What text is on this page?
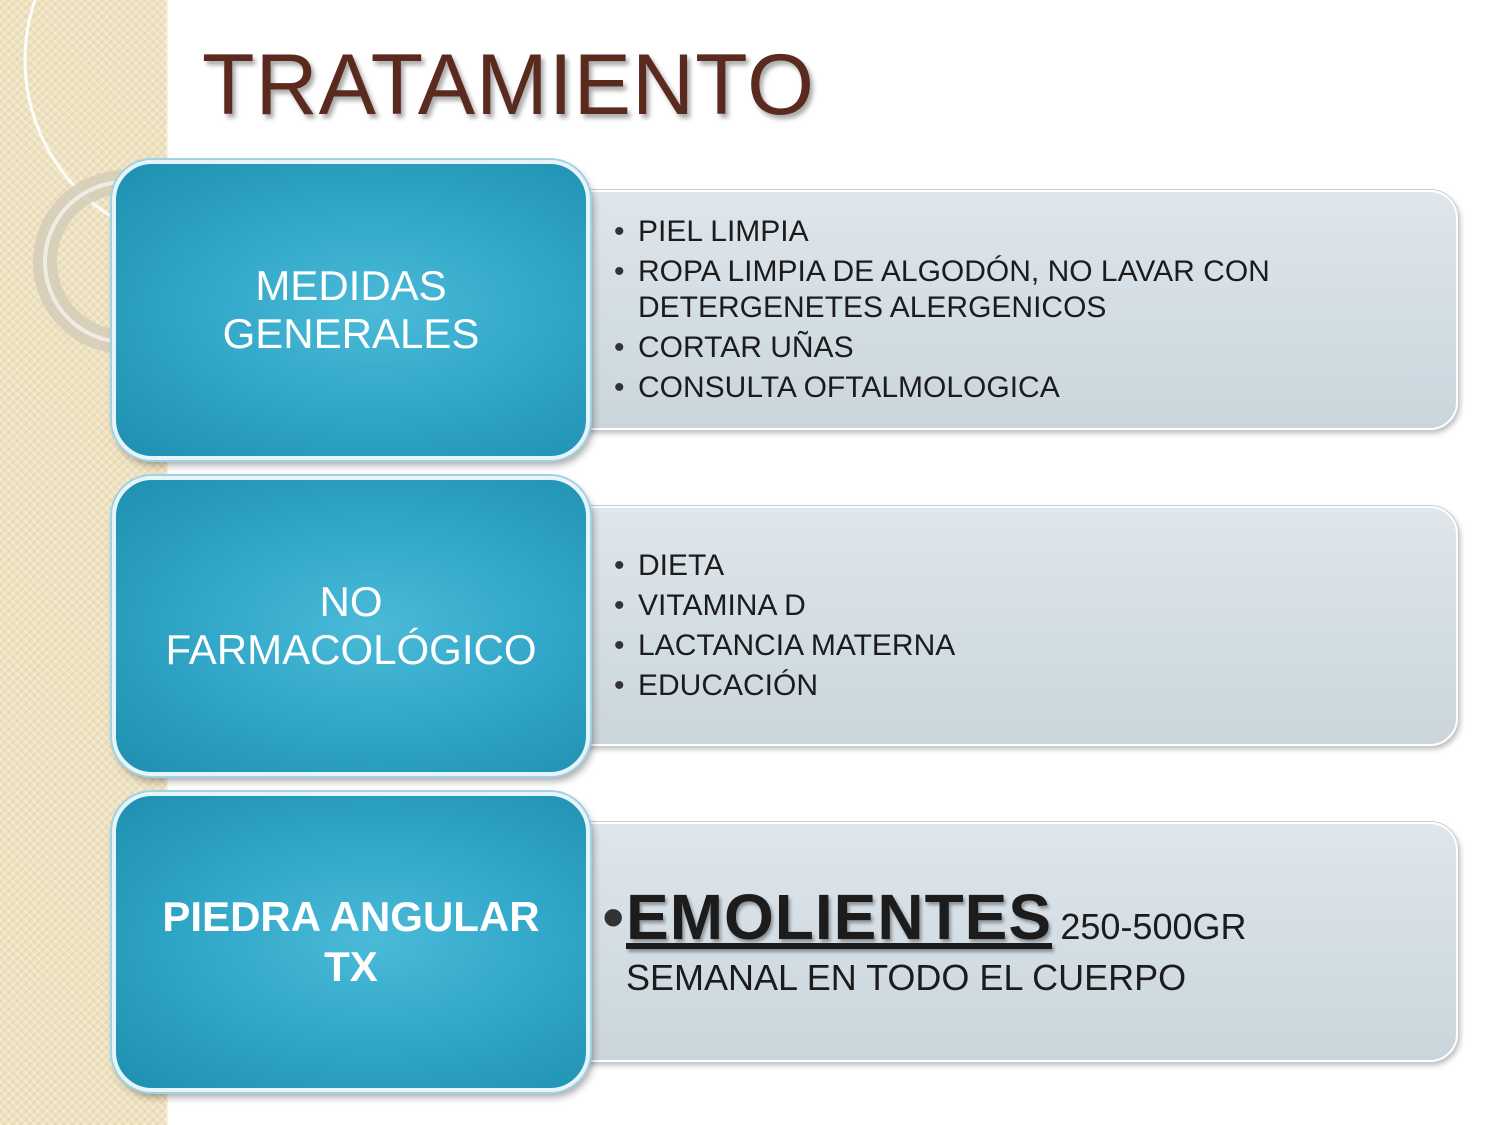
TRATAMIENTO
• PIEL LIMPIA
• ROPA LIMPIA DE ALGODÓN, NO LAVAR CON DETERGENETES ALERGENICOS
• CORTAR UÑAS
• CONSULTA OFTALMOLOGICA
MEDIDAS GENERALES
• DIETA
• VITAMINA D
• LACTANCIA MATERNA
• EDUCACIÓN
NO FARMACOLÓGICO
• EMOLIENTES 250-500GR SEMANAL EN TODO EL CUERPO
PIEDRA ANGULAR TX
